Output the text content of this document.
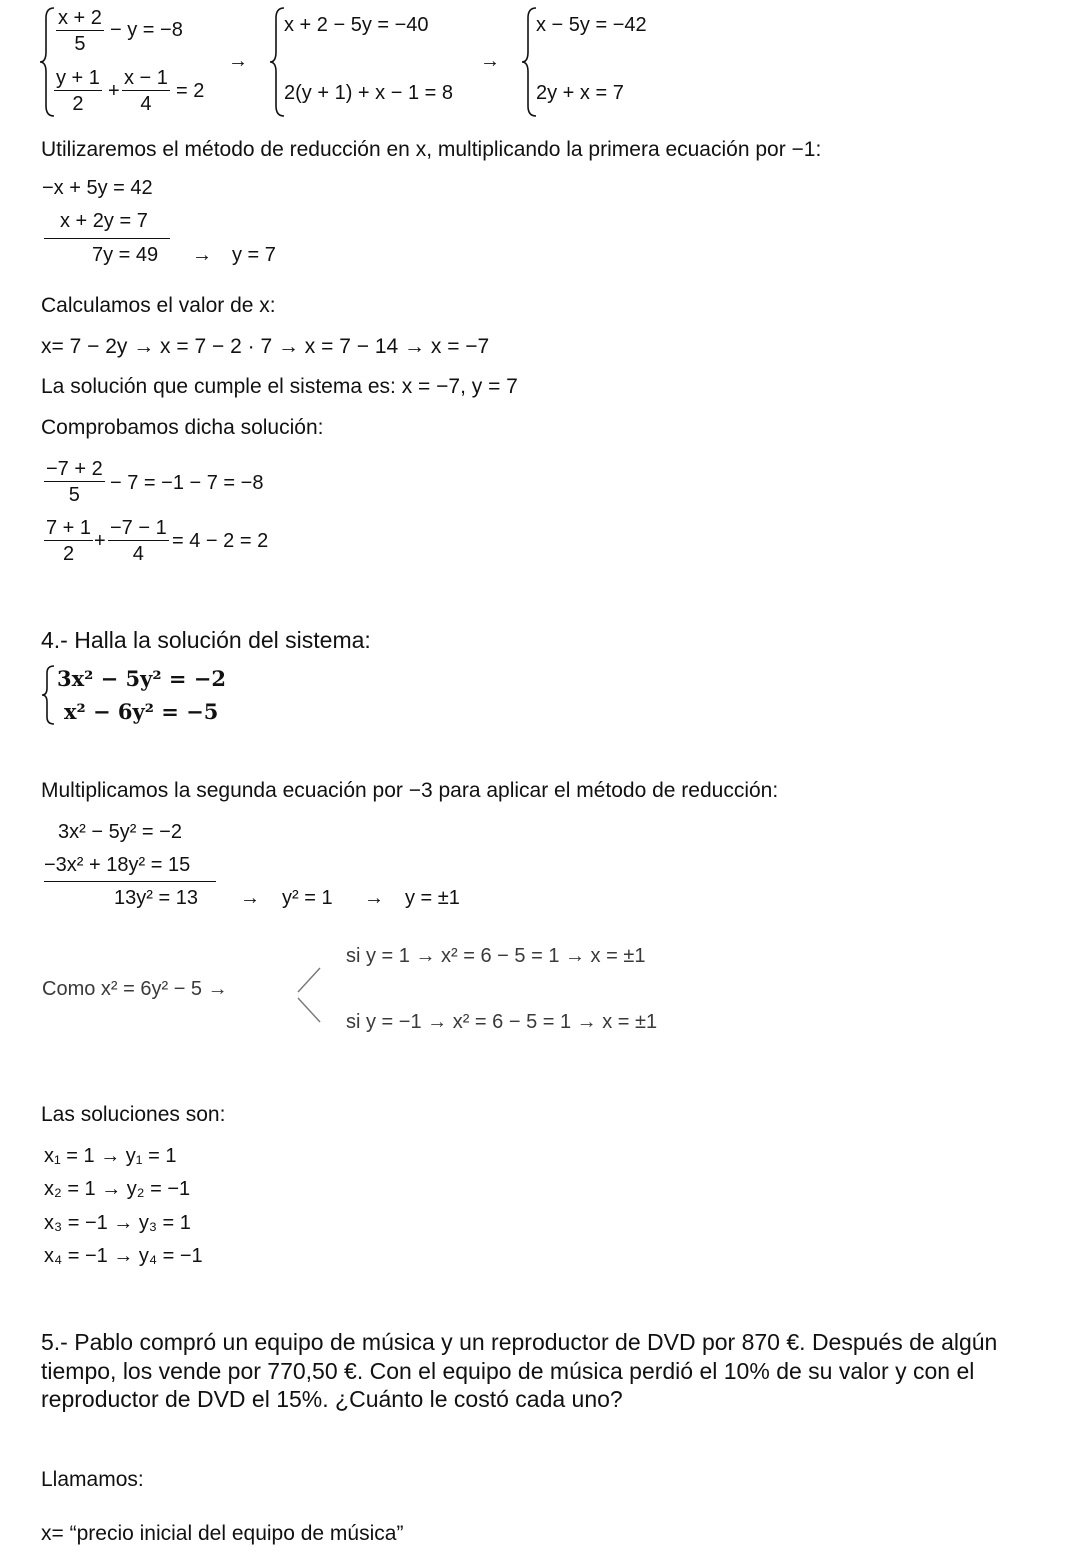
$\frac{x + 2}{5} - y = -8$
$\frac{y + 1}{2} + \frac{x - 1}{4} = 2$
→
x + 2 − 5y = −40
2(y + 1) + x − 1 = 8
→
x − 5y = −42
2y + x = 7
Utilizaremos el método de reducción en x, multiplicando la primera ecuación por −1:
−x + 5y = 42
x + 2y = 7
7y = 49 → y = 7
Calculamos el valor de x:
x= 7 − 2y → x = 7 − 2 · 7 → x = 7 − 14 → x = −7
La solución que cumple el sistema es: x = −7, y = 7
Comprobamos dicha solución:
$\frac{-7 + 2}{5} - 7 = -1 - 7 = -8$
$\frac{7 + 1}{2} + \frac{-7 - 1}{4} = 4 - 2 = 2$
4.- Halla la solución del sistema:
3x² − 5y² = −2
x² − 6y² = −5
Multiplicamos la segunda ecuación por −3 para aplicar el método de reducción:
3x² − 5y² = −2
−3x² + 18y² = 15
13y² = 13 → y² = 1 → y = ±1
Como x² = 6y² − 5 →
si y = 1 → x² = 6 − 5 = 1 → x = ±1
si y = −1 → x² = 6 − 5 = 1 → x = ±1
Las soluciones son:
x₁ = 1 → y₁ = 1
x₂ = 1 → y₂ = −1
x₃ = −1 → y₃ = 1
x₄ = −1 → y₄ = −1
5.- Pablo compró un equipo de música y un reproductor de DVD por 870 €. Después de algún
tiempo, los vende por 770,50 €. Con el equipo de música perdió el 10% de su valor y con el
reproductor de DVD el 15%. ¿Cuánto le costó cada uno?
Llamamos:
x= “precio inicial del equipo de música”
